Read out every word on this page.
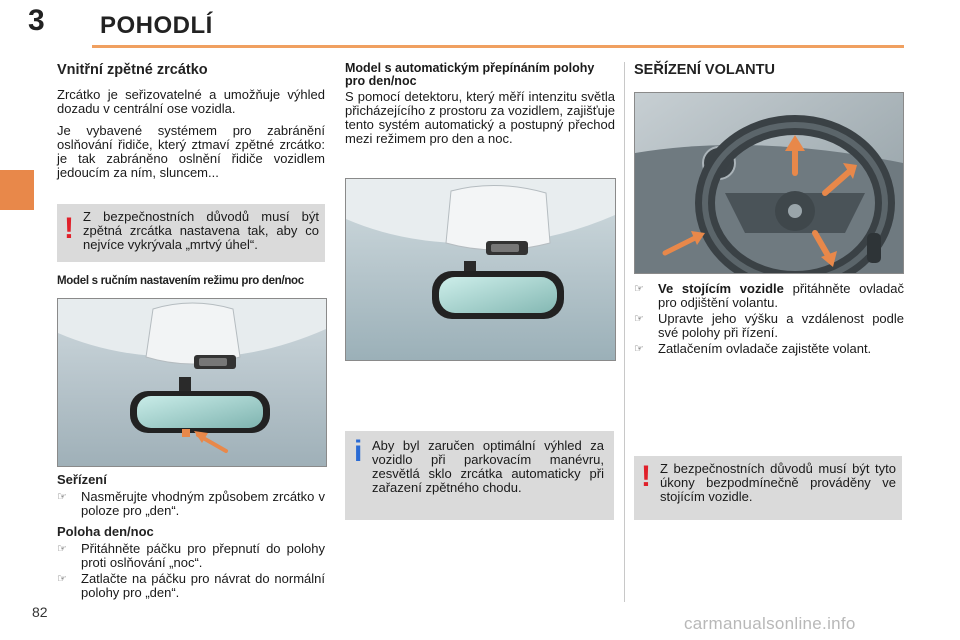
3 POHODLÍ
Vnitřní zpětné zrcátko

Zrcátko je seřizovatelné a umožňuje výhled dozadu v centrální ose vozidla.

Je vybavené systémem pro zabránění oslňování řidiče, který ztmaví zpětné zrcátko: je tak zabráněno oslnění řidiče vozidlem jedoucím za ním, sluncem...

! Z bezpečnostních důvodů musí být zpětná zrcátka nastavena tak, aby co nejvíce vykrývala „mrtvý úhel“.
Model s ručním nastavením režimu pro den/noc
Seřízení
☞ Nasměrujte vhodným způsobem zrcátko v poloze pro „den“.
Poloha den/noc
☞ Přitáhněte páčku pro přepnutí do polohy proti oslňování „noc“.
☞ Zatlačte na páčku pro návrat do normální polohy pro „den“.
Model s automatickým přepínáním polohy pro den/noc

S pomocí detektoru, který měří intenzitu světla přicházejícího z prostoru za vozidlem, zajišťuje tento systém automatický a postupný přechod mezi režimem pro den a noc.

i Aby byl zaručen optimální výhled za vozidlo při parkovacím manévru, zesvětlá sklo zrcátka automaticky při zařazení zpětného chodu.
SEŘÍZENÍ VOLANTU
☞ Ve stojícím vozidle přitáhněte ovladač pro odjištění volantu.
☞ Upravte jeho výšku a vzdálenost podle své polohy při řízení.
☞ Zatlačením ovladače zajistěte volant.
! Z bezpečnostních důvodů musí být tyto úkony bezpodmínečně prováděny ve stojícím vozidle.
82
carmanualsonline.info
